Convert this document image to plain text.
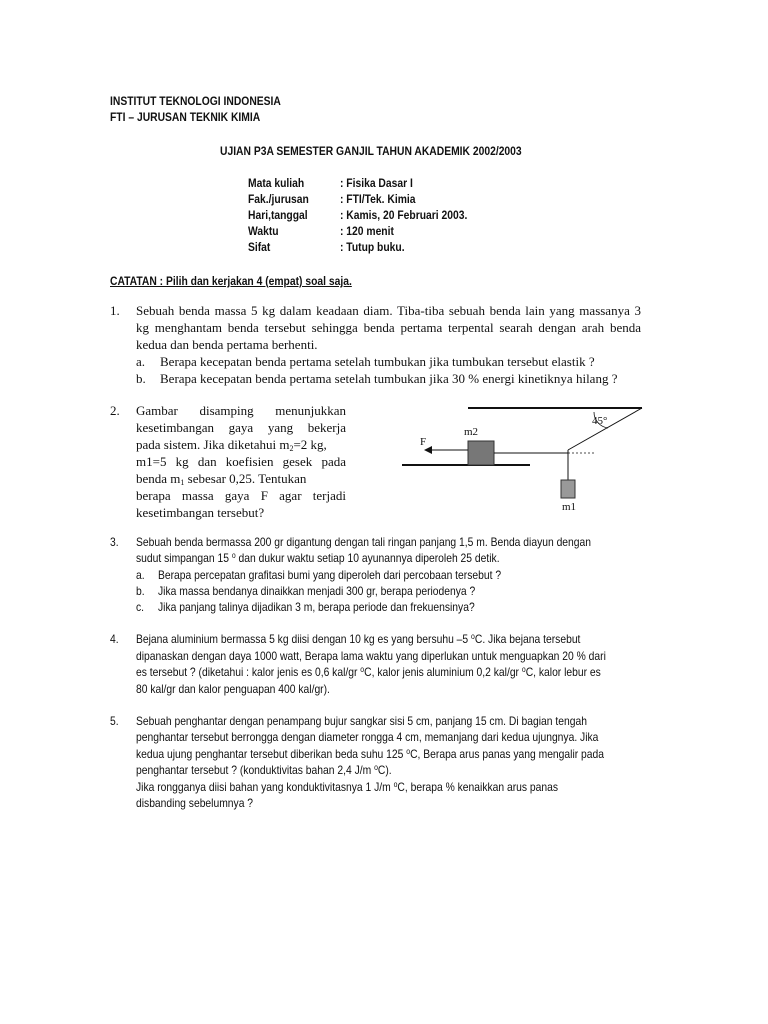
INSTITUT TEKNOLOGI INDONESIA
FTI – JURUSAN TEKNIK KIMIA
UJIAN P3A SEMESTER GANJIL TAHUN AKADEMIK 2002/2003
Mata kuliah	: Fisika Dasar I
Fak./jurusan	: FTI/Tek. Kimia
Hari,tanggal	: Kamis, 20 Februari 2003.
Waktu	: 120 menit
Sifat	: Tutup buku.
CATATAN : Pilih dan kerjakan 4 (empat) soal saja.
1. Sebuah benda massa 5 kg dalam keadaan diam. Tiba-tiba sebuah benda lain yang massanya 3
kg menghantam benda tersebut sehingga benda pertama terpental searah dengan arah benda
kedua dan benda pertama berhenti.
a. Berapa kecepatan benda pertama setelah tumbukan jika tumbukan tersebut elastik ?
b. Berapa kecepatan benda pertama setelah tumbukan jika 30 % energi kinetiknya hilang ?
2. Gambar disamping menunjukkan
kesetimbangan gaya yang bekerja
pada sistem. Jika diketahui $m_2=2$ kg,
m1=5 kg dan koefisien gesek pada
benda $m_1$ sebesar 0,25. Tentukan
berapa massa gaya F agar terjadi
kesetimbangan tersebut?
45°
m2
m1
F
3. Sebuah benda bermassa 200 gr digantung dengan tali ringan panjang 1,5 m. Benda diayun dengan
sudut simpangan 15 $^o$ dan dukur waktu setiap 10 ayunannya diperoleh 25 detik.
a. Berapa percepatan grafitasi bumi yang diperoleh dari percobaan tersebut ?
b. Jika massa bendanya dinaikkan menjadi 300 gr, berapa periodenya ?
c. Jika panjang talinya dijadikan 3 m, berapa periode dan frekuensinya?
4. Bejana aluminium bermassa 5 kg diisi dengan 10 kg es yang bersuhu –5 $^o$C. Jika bejana tersebut
dipanaskan dengan daya 1000 watt, Berapa lama waktu yang diperlukan untuk menguapkan 20 % dari
es tersebut ? (diketahui : kalor jenis es 0,6 kal/gr $^o$C, kalor jenis aluminium 0,2 kal/gr $^o$C, kalor lebur es
80 kal/gr dan kalor penguapan 400 kal/gr).
5. Sebuah penghantar dengan penampang bujur sangkar sisi 5 cm, panjang 15 cm. Di bagian tengah
penghantar tersebut berrongga dengan diameter rongga 4 cm, memanjang dari kedua ujungnya. Jika
kedua ujung penghantar tersebut diberikan beda suhu 125 $^o$C, Berapa arus panas yang mengalir pada
penghantar tersebut ? (konduktivitas bahan 2,4 J/m $^o$C).
Jika rongganya diisi bahan yang konduktivitasnya 1 J/m $^o$C, berapa % kenaikkan arus panas
disbanding sebelumnya ?
